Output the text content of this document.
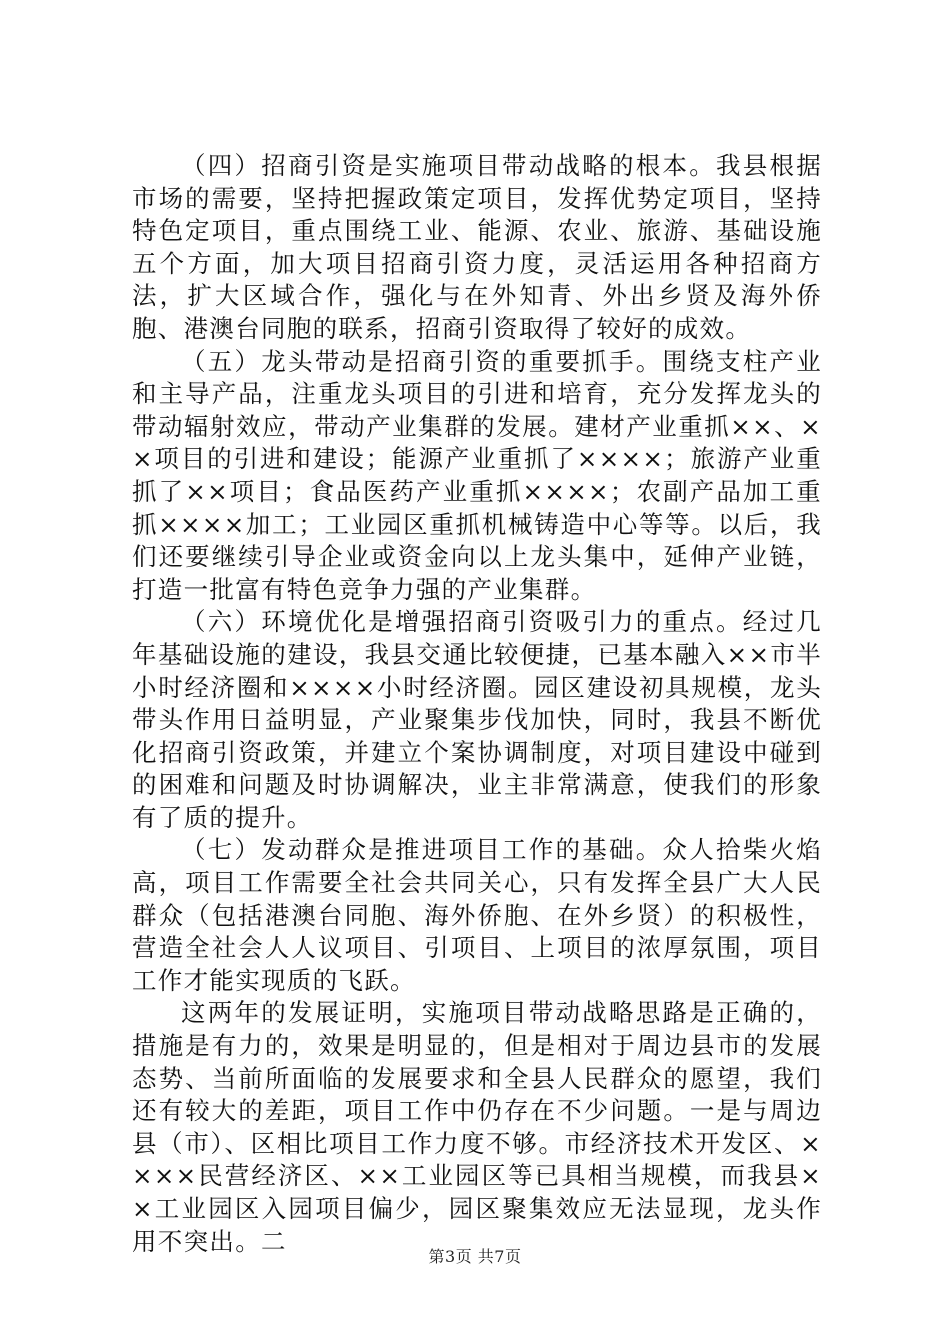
（四）招商引资是实施项目带动战略的根本。我县根据市场的需要，坚持把握政策定项目，发挥优势定项目，坚持特色定项目，重点围绕工业、能源、农业、旅游、基础设施五个方面，加大项目招商引资力度，灵活运用各种招商方法，扩大区域合作，强化与在外知青、外出乡贤及海外侨胞、港澳台同胞的联系，招商引资取得了较好的成效。

（五）龙头带动是招商引资的重要抓手。围绕支柱产业和主导产品，注重龙头项目的引进和培育，充分发挥龙头的带动辐射效应，带动产业集群的发展。建材产业重抓××、××项目的引进和建设；能源产业重抓了××××；旅游产业重抓了××项目；食品医药产业重抓××××；农副产品加工重抓××××加工；工业园区重抓机械铸造中心等等。以后，我们还要继续引导企业或资金向以上龙头集中，延伸产业链，打造一批富有特色竞争力强的产业集群。

（六）环境优化是增强招商引资吸引力的重点。经过几年基础设施的建设，我县交通比较便捷，已基本融入××市半小时经济圈和××××小时经济圈。园区建设初具规模，龙头带头作用日益明显，产业聚集步伐加快，同时，我县不断优化招商引资政策，并建立个案协调制度，对项目建设中碰到的困难和问题及时协调解决，业主非常满意，使我们的形象有了质的提升。

（七）发动群众是推进项目工作的基础。众人拾柴火焰高，项目工作需要全社会共同关心，只有发挥全县广大人民群众（包括港澳台同胞、海外侨胞、在外乡贤）的积极性，营造全社会人人议项目、引项目、上项目的浓厚氛围，项目工作才能实现质的飞跃。

这两年的发展证明，实施项目带动战略思路是正确的，措施是有力的，效果是明显的，但是相对于周边县市的发展态势、当前所面临的发展要求和全县人民群众的愿望，我们还有较大的差距，项目工作中仍存在不少问题。一是与周边县（市）、区相比项目工作力度不够。市经济技术开发区、××××民营经济区、××工业园区等已具相当规模，而我县××工业园区入园项目偏少，园区聚集效应无法显现，龙头作用不突出。二

第3页 共7页
